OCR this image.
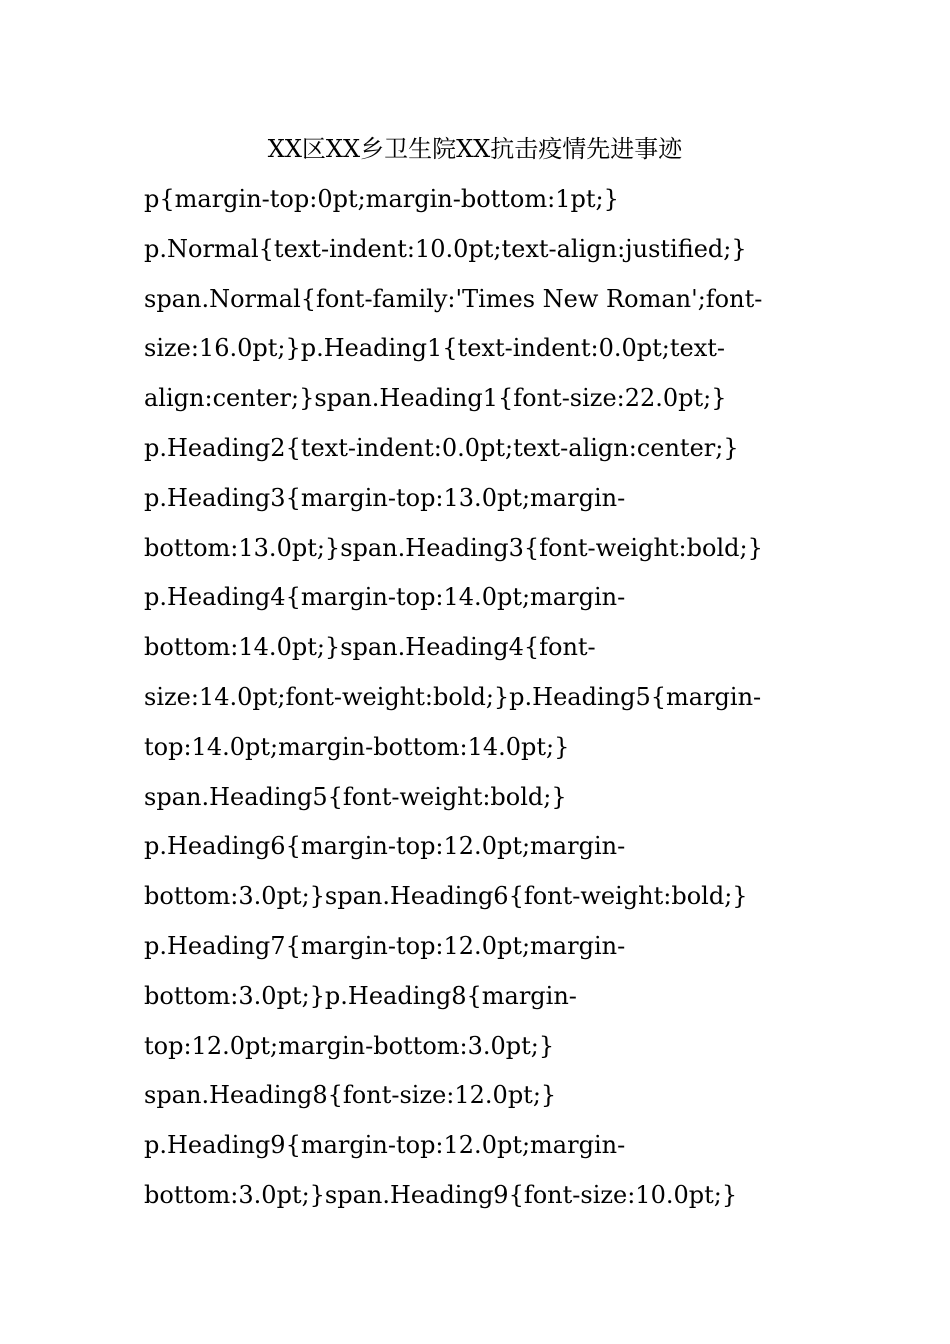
XX区XX乡卫生院XX抗击疫情先进事迹
p{margin-top:0pt;margin-bottom:1pt;}
p.Normal{text-indent:10.0pt;text-align:justified;}
span.Normal{font-family:'Times New Roman';font-
size:16.0pt;}p.Heading1{text-indent:0.0pt;text-
align:center;}span.Heading1{font-size:22.0pt;}
p.Heading2{text-indent:0.0pt;text-align:center;}
p.Heading3{margin-top:13.0pt;margin-
bottom:13.0pt;}span.Heading3{font-weight:bold;}
p.Heading4{margin-top:14.0pt;margin-
bottom:14.0pt;}span.Heading4{font-
size:14.0pt;font-weight:bold;}p.Heading5{margin-
top:14.0pt;margin-bottom:14.0pt;}
span.Heading5{font-weight:bold;}
p.Heading6{margin-top:12.0pt;margin-
bottom:3.0pt;}span.Heading6{font-weight:bold;}
p.Heading7{margin-top:12.0pt;margin-
bottom:3.0pt;}p.Heading8{margin-
top:12.0pt;margin-bottom:3.0pt;}
span.Heading8{font-size:12.0pt;}
p.Heading9{margin-top:12.0pt;margin-
bottom:3.0pt;}span.Heading9{font-size:10.0pt;}
